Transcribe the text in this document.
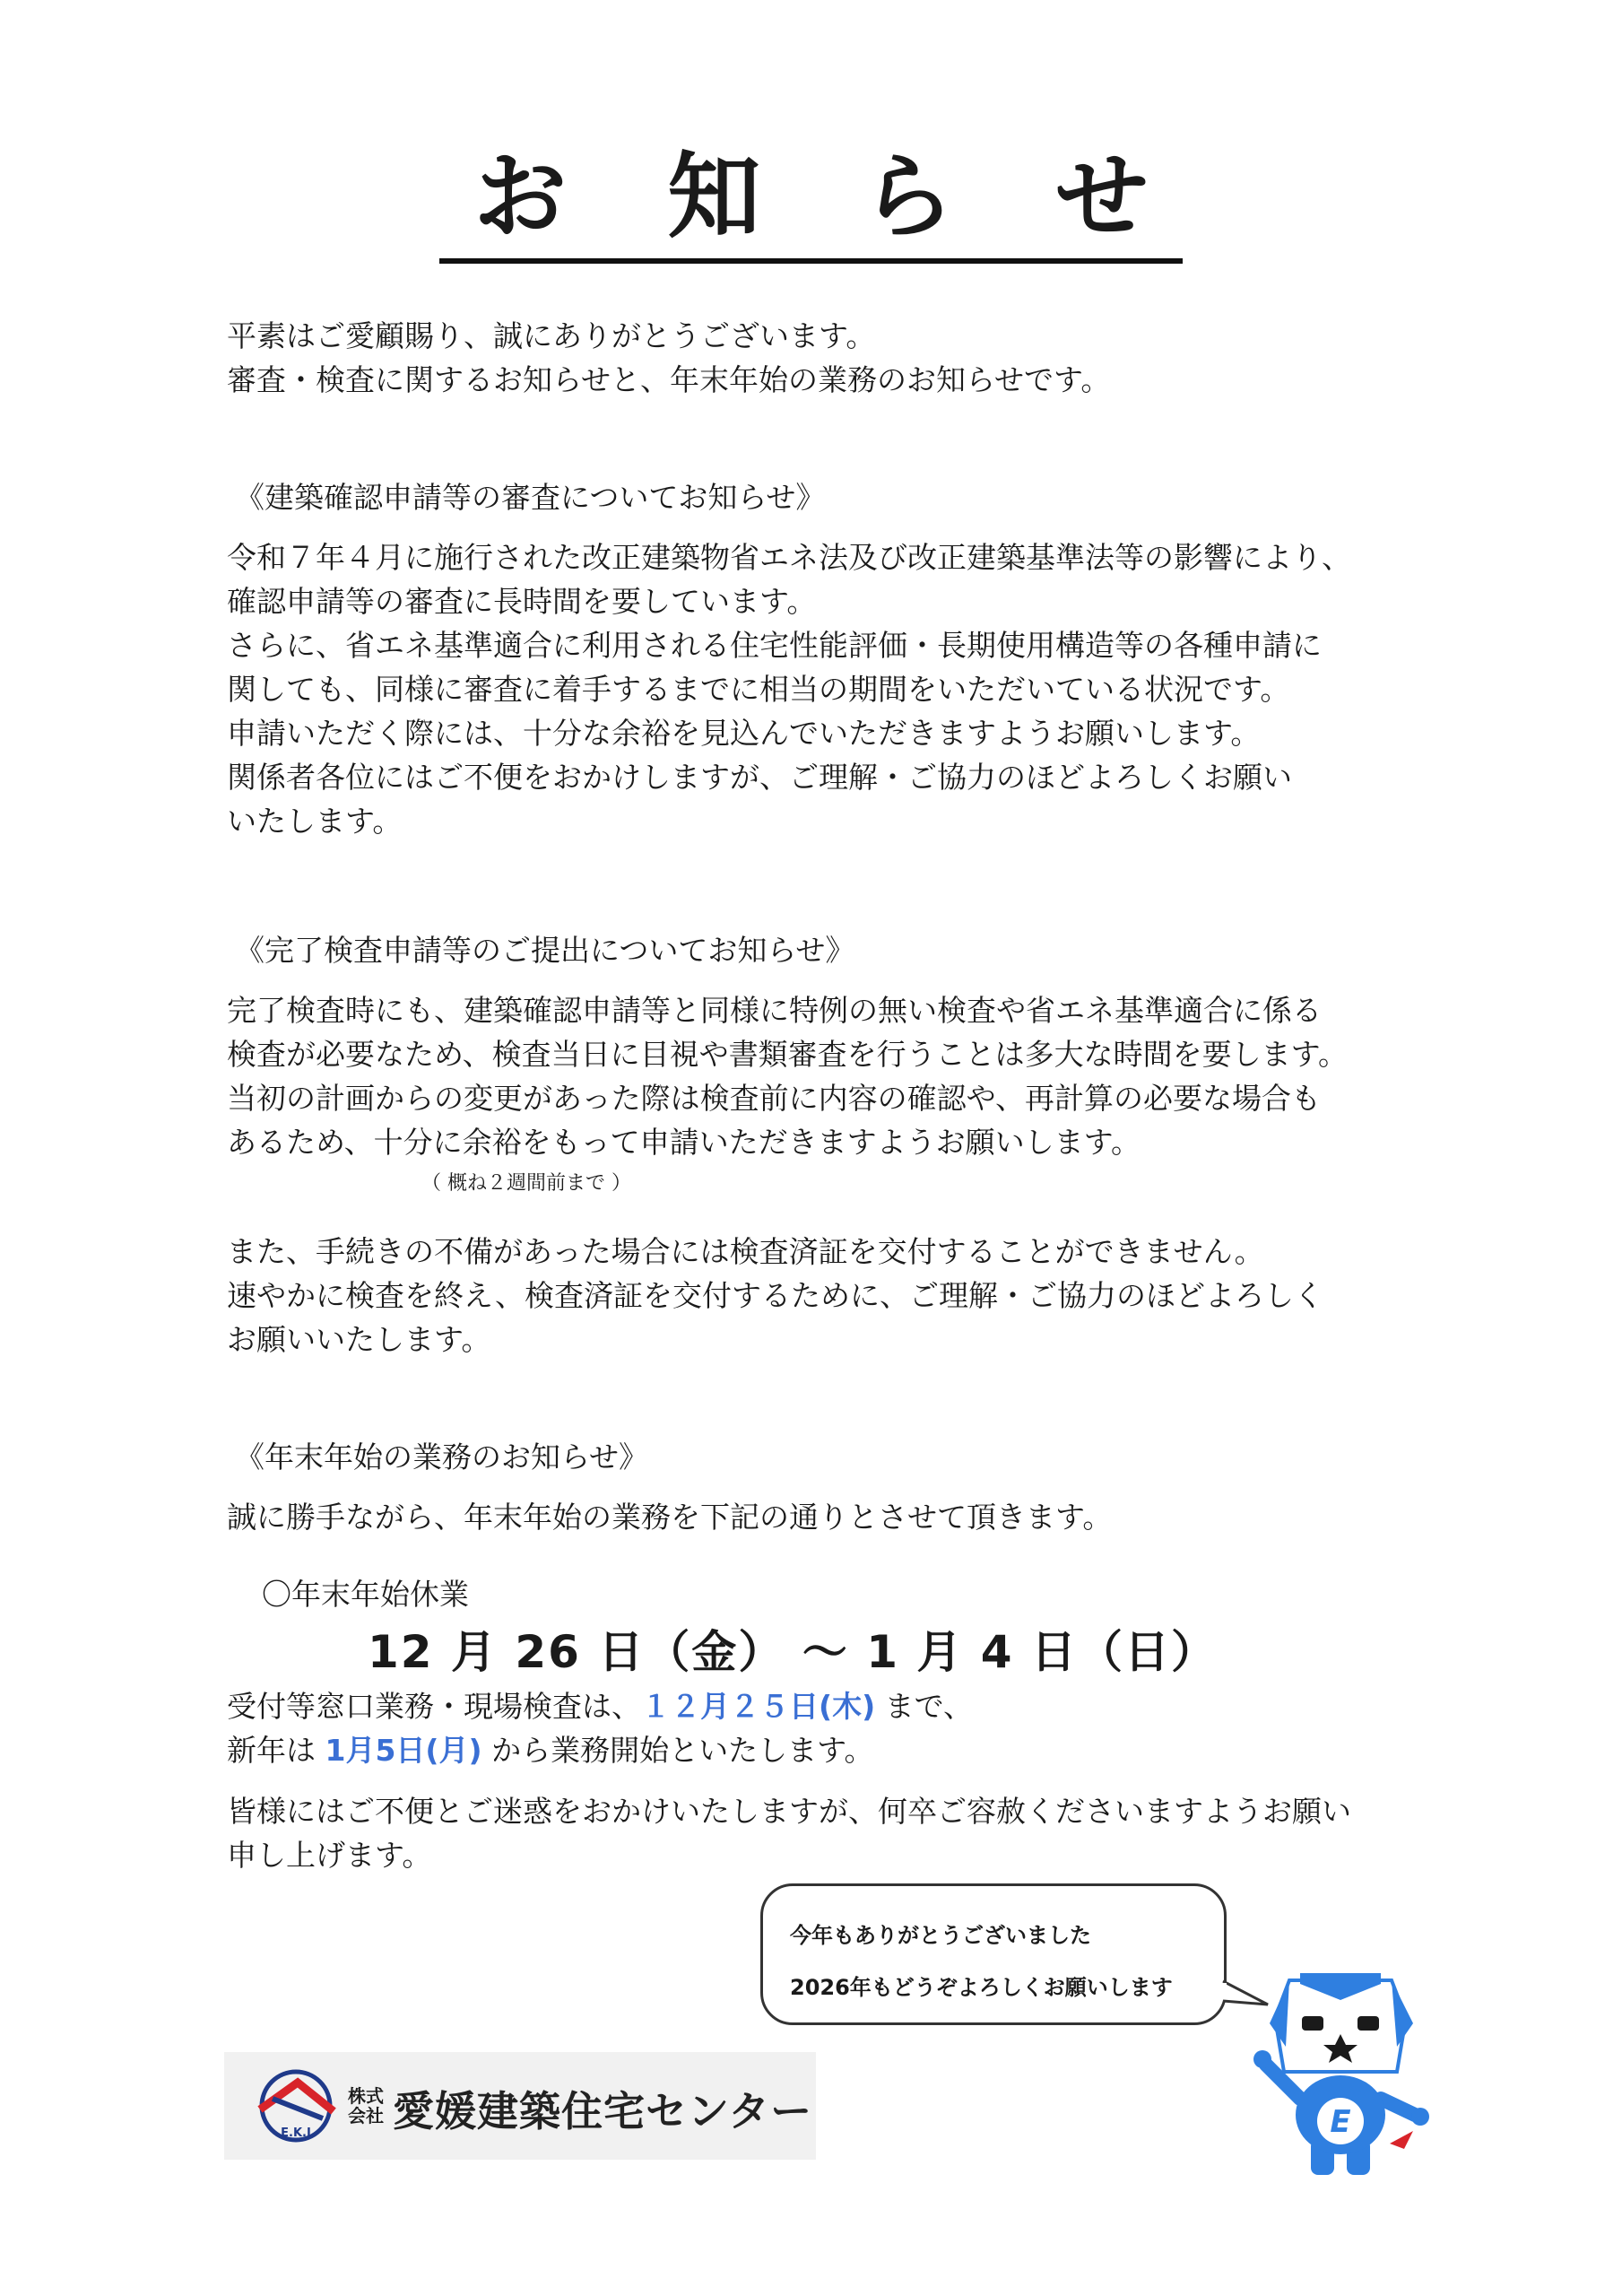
お 知 ら せ
平素はご愛顧賜り、誠にありがとうございます。
審査・検査に関するお知らせと、年末年始の業務のお知らせです。
《建築確認申請等の審査についてお知らせ》
令和７年４月に施行された改正建築物省エネ法及び改正建築基準法等の影響により、
確認申請等の審査に長時間を要しています。
さらに、省エネ基準適合に利用される住宅性能評価・長期使用構造等の各種申請に
関しても、同様に審査に着手するまでに相当の期間をいただいている状況です。
申請いただく際には、十分な余裕を見込んでいただきますようお願いします。
関係者各位にはご不便をおかけしますが、ご理解・ご協力のほどよろしくお願い
いたします。
《完了検査申請等のご提出についてお知らせ》
完了検査時にも、建築確認申請等と同様に特例の無い検査や省エネ基準適合に係る
検査が必要なため、検査当日に目視や書類審査を行うことは多大な時間を要します。
当初の計画からの変更があった際は検査前に内容の確認や、再計算の必要な場合も
あるため、十分に余裕をもって申請いただきますようお願いします。
（ 概ね２週間前まで ）
また、手続きの不備があった場合には検査済証を交付することができません。
速やかに検査を終え、検査済証を交付するために、ご理解・ご協力のほどよろしく
お願いいたします。
《年末年始の業務のお知らせ》
誠に勝手ながら、年末年始の業務を下記の通りとさせて頂きます。
〇年末年始休業
12 月 26 日（金） ～ 1 月 4 日（日）
受付等窓口業務・現場検査は、１２月２５日(木) まで、
新年は 1月5日(月) から業務開始といたします。
皆様にはご不便とご迷惑をおかけいたしますが、何卒ご容赦くださいますようお願い
申し上げます。
今年もありがとうございました
2026年もどうぞよろしくお願いします
E.K.J
株式会社 愛媛建築住宅センター	E
